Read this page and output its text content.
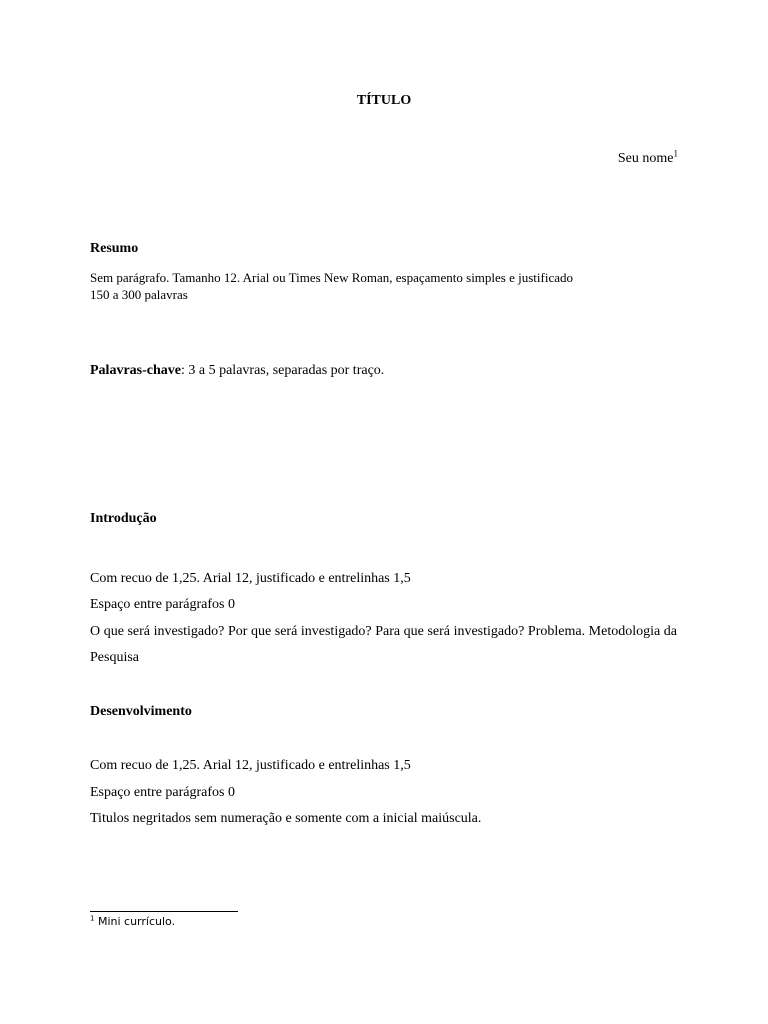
TÍTULO

Seu nome$^1$

Resumo

Sem parágrafo. Tamanho 12. Arial ou Times New Roman, espaçamento simples e justificado

150 a 300 palavras

Palavras-chave: 3 a 5 palavras, separadas por traço.

Introdução

Com recuo de 1,25. Arial 12, justificado e entrelinhas 1,5

Espaço entre parágrafos 0

O que será investigado? Por que será investigado? Para que será investigado? Problema. Metodologia da Pesquisa

Desenvolvimento

Com recuo de 1,25. Arial 12, justificado e entrelinhas 1,5

Espaço entre parágrafos 0

Titulos negritados sem numeração e somente com a inicial maiúscula.

$^1$ Mini currículo.
